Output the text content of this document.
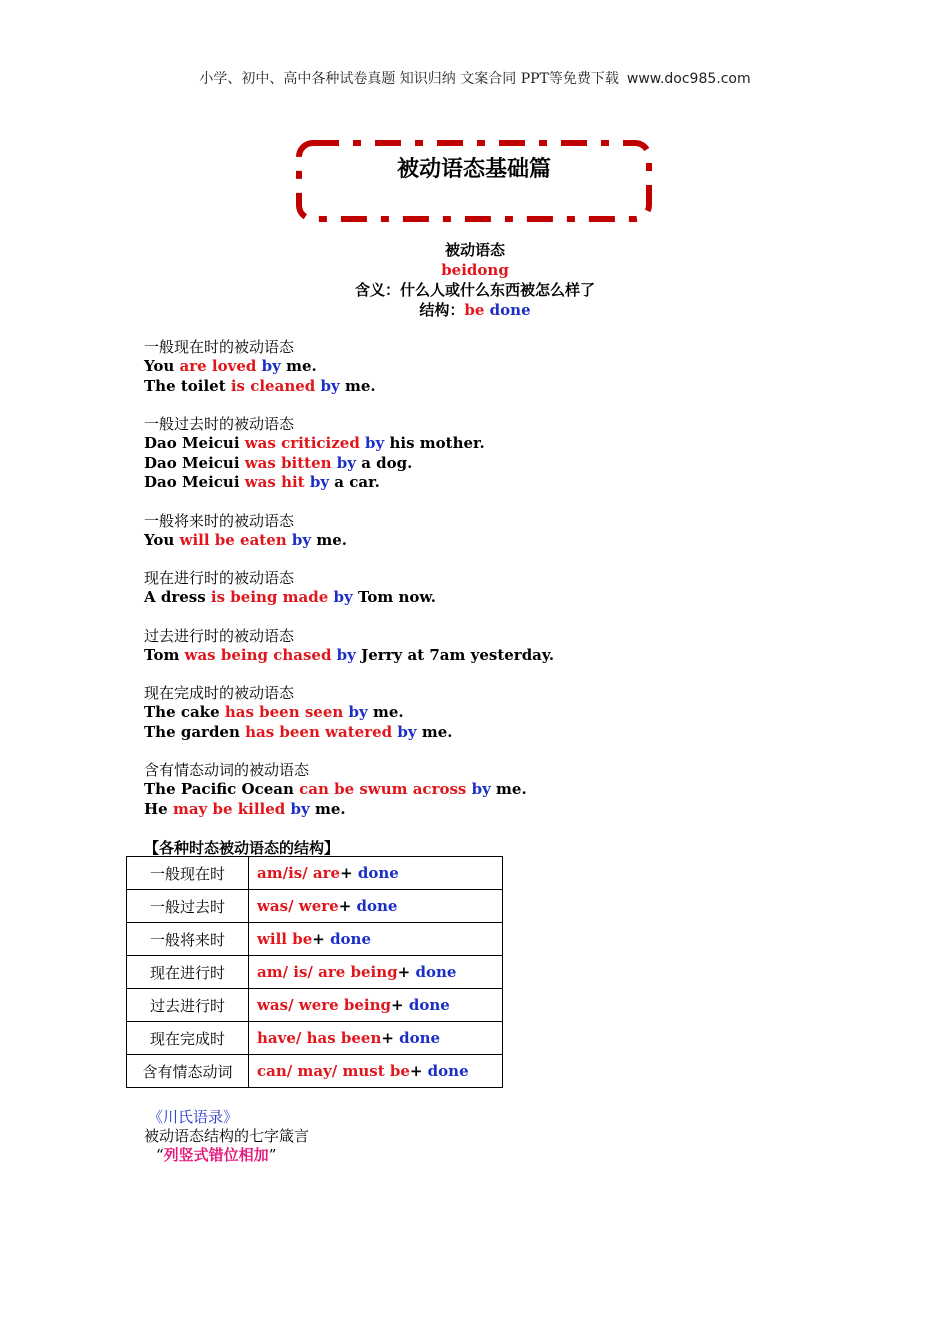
小学、初中、高中各种试卷真题 知识归纳 文案合同 PPT等免费下载 www.doc985.com
被动语态基础篇
被动语态
beidong
含义：什么人或什么东西被怎么样了
结构：be done
一般现在时的被动语态
You are loved by me.
The toilet is cleaned by me.
一般过去时的被动语态
Dao Meicui was criticized by his mother.
Dao Meicui was bitten by a dog.
Dao Meicui was hit by a car.
一般将来时的被动语态
You will be eaten by me.
现在进行时的被动语态
A dress is being made by Tom now.
过去进行时的被动语态
Tom was being chased by Jerry at 7am yesterday.
现在完成时的被动语态
The cake has been seen by me.
The garden has been watered by me.
含有情态动词的被动语态
The Pacific Ocean can be swum across by me.
He may be killed by me.
【各种时态被动语态的结构】
一般现在时	am/is/ are+ done
一般过去时	was/ were+ done
一般将来时	will be+ done
现在进行时	am/ is/ are being+ done
过去进行时	was/ were being+ done
现在完成时	have/ has been+ done
含有情态动词	can/ may/ must be+ done
《川氏语录》
被动语态结构的七字箴言
“列竖式错位相加”
